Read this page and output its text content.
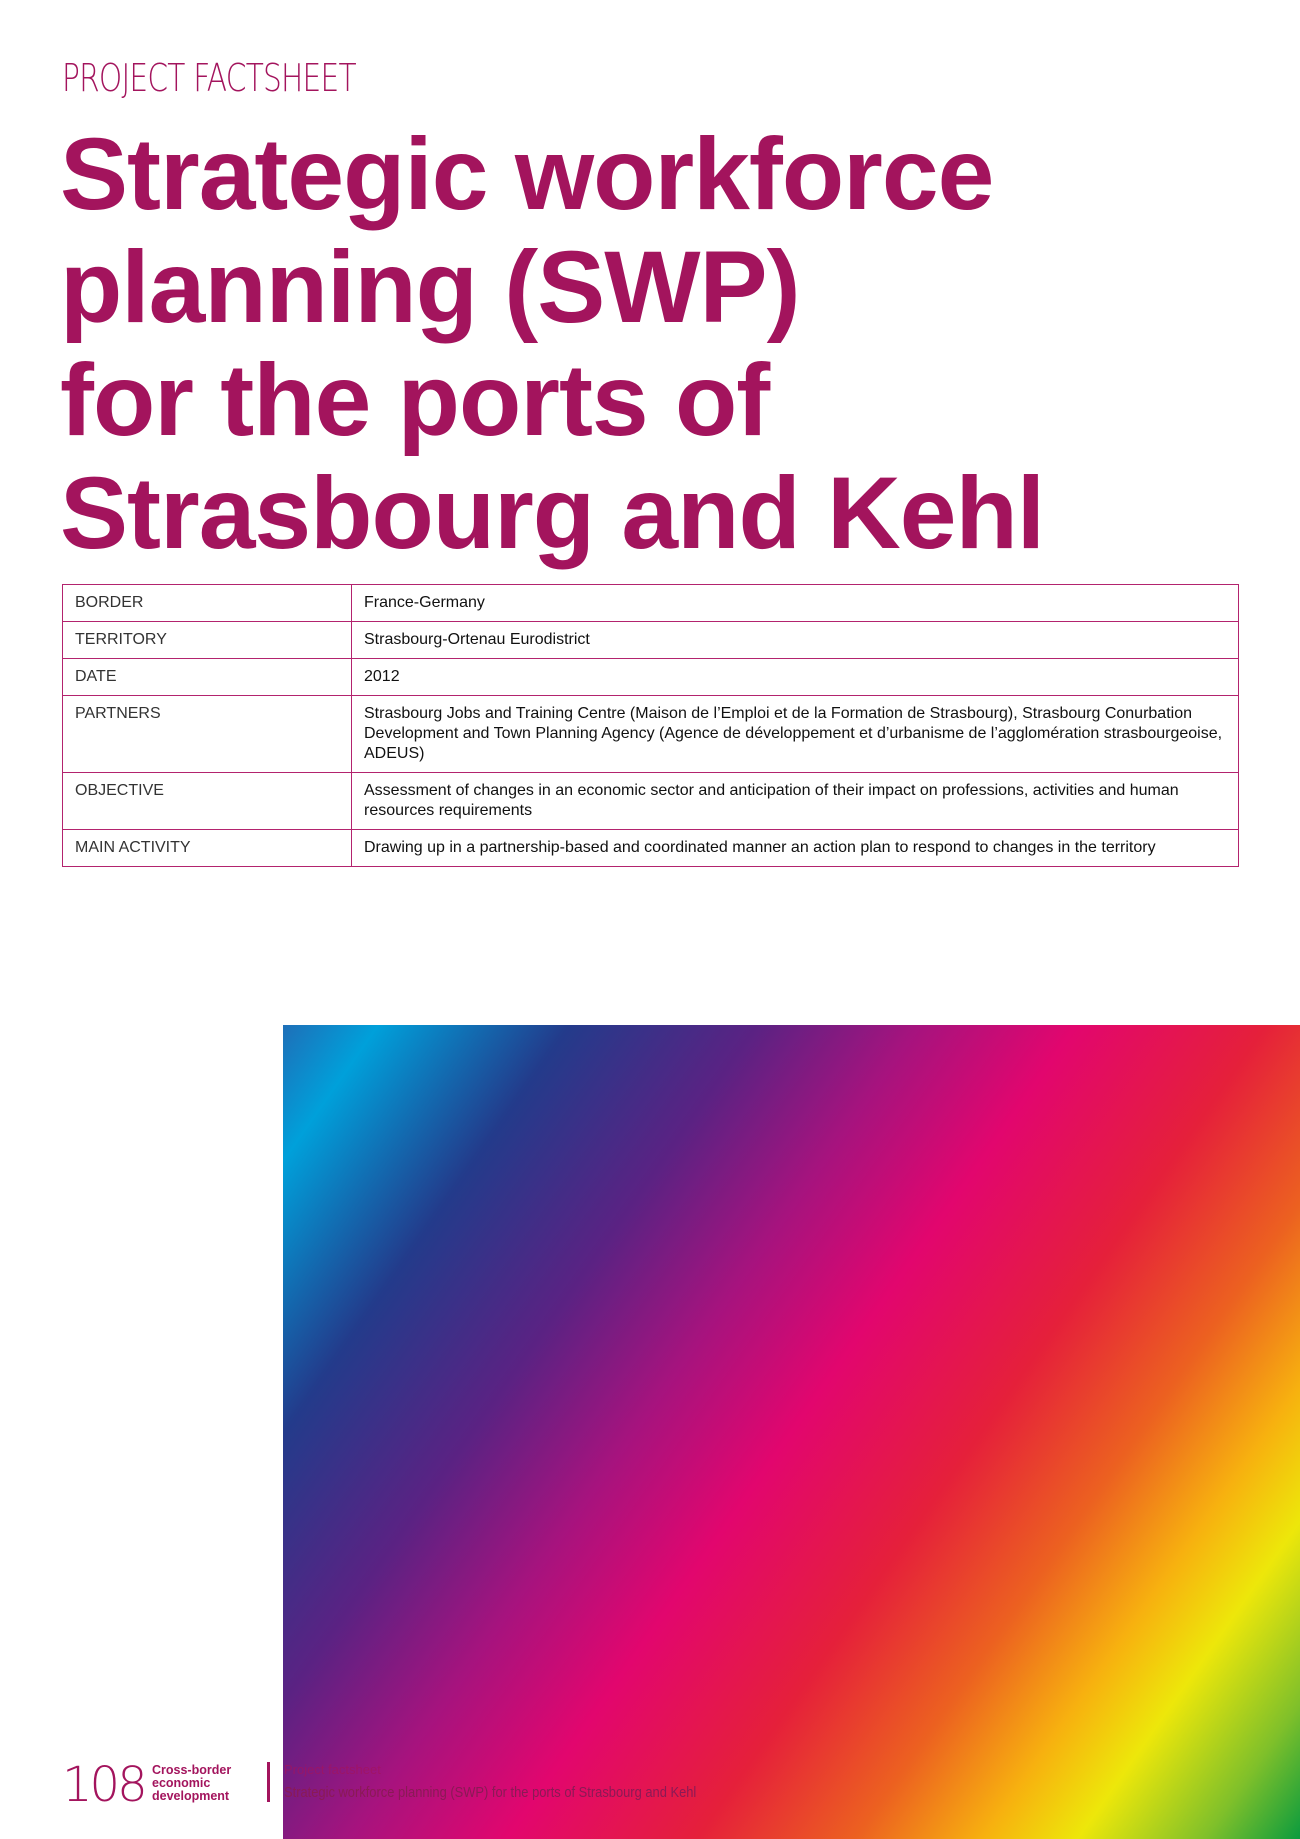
PROJECT FACTSHEET

Strategic workforce
planning (SWP)
for the ports of
Strasbourg and Kehl
BORDER	France-Germany
TERRITORY	Strasbourg-Ortenau Eurodistrict
DATE	2012
PARTNERS	Strasbourg Jobs and Training Centre (Maison de l’Emploi et de la Formation de Strasbourg), Strasbourg Conurbation Development and Town Planning Agency (Agence de développement et d’urbanisme de l’agglomération strasbourgeoise, ADEUS)
OBJECTIVE	Assessment of changes in an economic sector and anticipation of their impact on professions, activities and human resources requirements
MAIN ACTIVITY	Drawing up in a partnership-based and coordinated manner an action plan to respond to changes in the territory

108 Cross-border
economic
development

Project factsheet

Strategic workforce planning (SWP) for the ports of Strasbourg and Kehl
